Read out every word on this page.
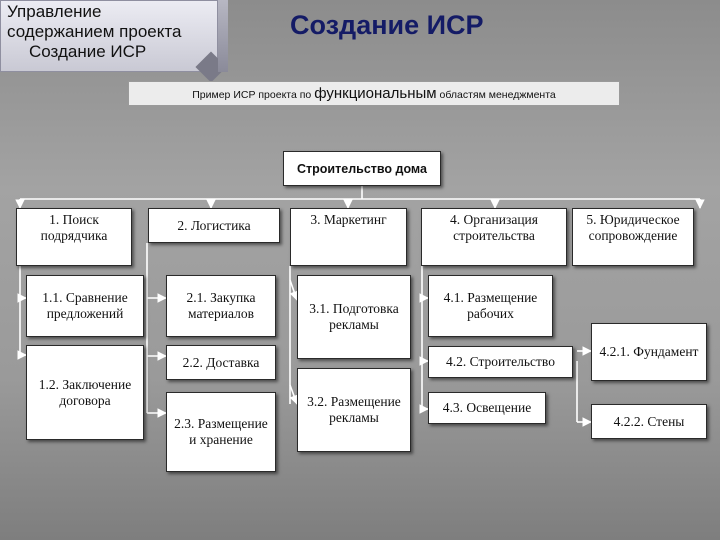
Управление
содержанием проекта
Создание ИСР
Создание ИСР
Пример ИСР проекта по функциональным областям менеджмента
Строительство дома
1. Поиск подрядчика
2. Логистика	3. Маркетинг	4. Организация строительства
5. Юридическое сопровождение
1.1. Сравнение предложений
1.2. Заключение договора
2.1. Закупка материалов
2.2. Доставка
2.3. Размещение и хранение
3.1. Подготовка рекламы
3.2. Размещение рекламы
4.1. Размещение рабочих
4.2. Строительство
4.3. Освещение
4.2.1. Фундамент
4.2.2. Стены
